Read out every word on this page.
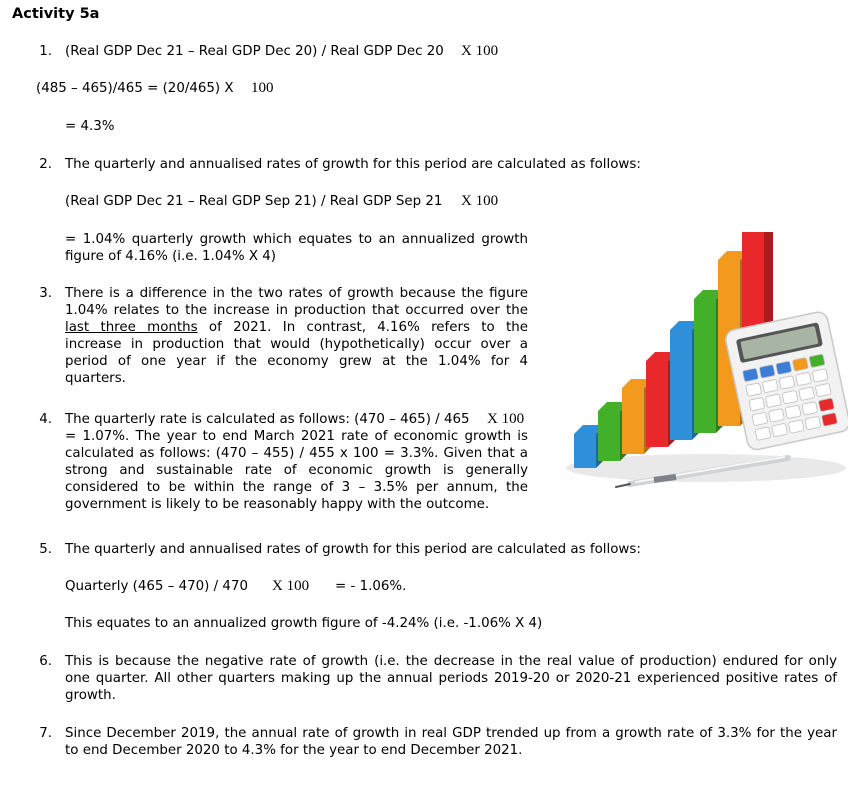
Activity 5a
1. (Real GDP Dec 21 – Real GDP Dec 20) / Real GDP Dec 20 X 100
(485 – 465)/465 = (20/465) X 100
= 4.3%
2. The quarterly and annualised rates of growth for this period are calculated as follows:
(Real GDP Dec 21 – Real GDP Sep 21) / Real GDP Sep 21 X 100
= 1.04% quarterly growth which equates to an annualized growth
figure of 4.16% (i.e. 1.04% X 4)
3. There is a difference in the two rates of growth because the figure
1.04% relates to the increase in production that occurred over the
last three months of 2021. In contrast, 4.16% refers to the
increase in production that would (hypothetically) occur over a
period of one year if the economy grew at the 1.04% for 4
quarters.
4. The quarterly rate is calculated as follows: (470 – 465) / 465 X 100
= 1.07%. The year to end March 2021 rate of economic growth is
calculated as follows: (470 – 455) / 455 x 100 = 3.3%. Given that a
strong and sustainable rate of economic growth is generally
considered to be within the range of 3 – 3.5% per annum, the
government is likely to be reasonably happy with the outcome.
5. The quarterly and annualised rates of growth for this period are calculated as follows:
Quarterly (465 – 470) / 470 X 100 = - 1.06%.
This equates to an annualized growth figure of -4.24% (i.e. -1.06% X 4)
6. This is because the negative rate of growth (i.e. the decrease in the real value of production) endured for only
one quarter. All other quarters making up the annual periods 2019-20 or 2020-21 experienced positive rates of
growth.
7. Since December 2019, the annual rate of growth in real GDP trended up from a growth rate of 3.3% for the year
to end December 2020 to 4.3% for the year to end December 2021.
